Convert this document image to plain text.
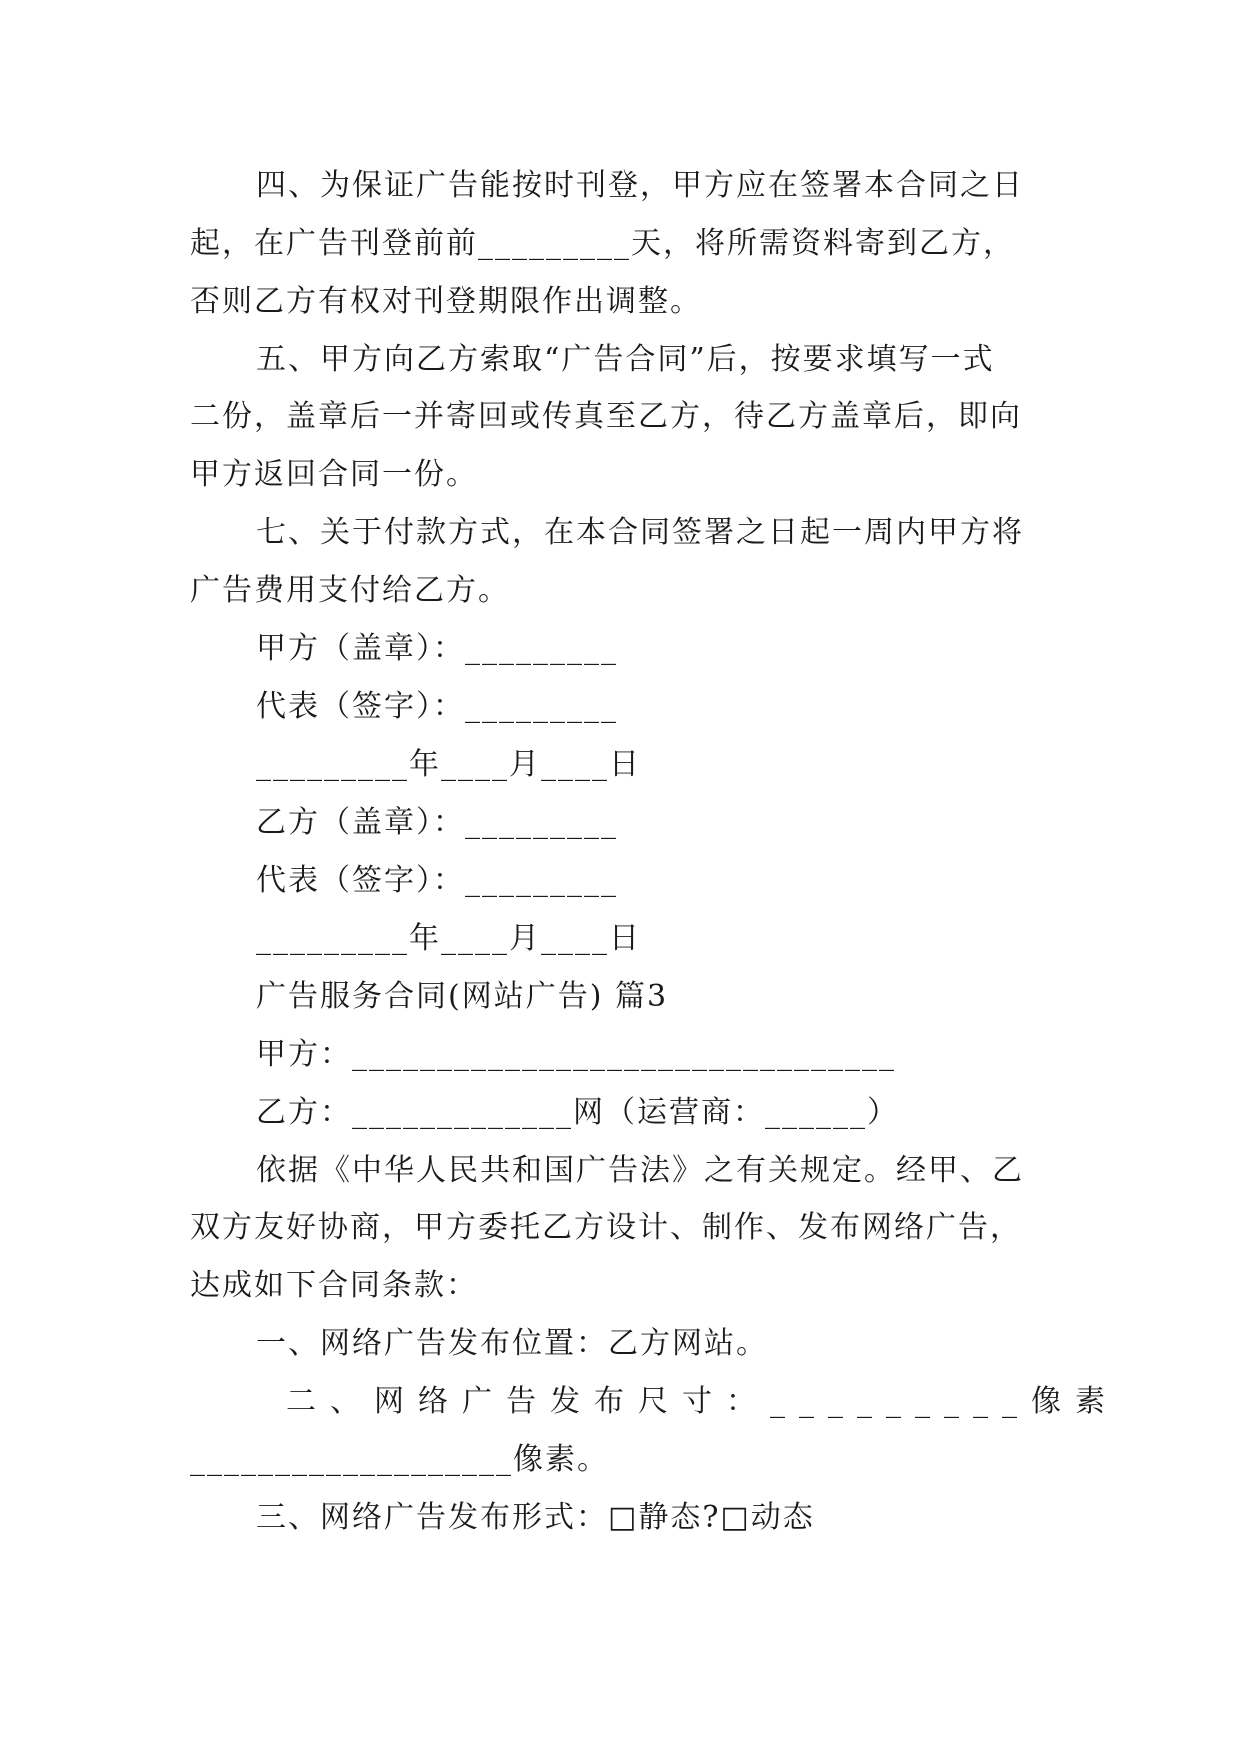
四、为保证广告能按时刊登，甲方应在签署本合同之日
起，在广告刊登前前_________天，将所需资料寄到乙方，
否则乙方有权对刊登期限作出调整。
五、甲方向乙方索取“广告合同”后，按要求填写一式
二份，盖章后一并寄回或传真至乙方，待乙方盖章后，即向
甲方返回合同一份。
七、关于付款方式，在本合同签署之日起一周内甲方将
广告费用支付给乙方。
甲方（盖章）：_________
代表（签字）：_________
_________年____月____日
乙方（盖章）：_________
代表（签字）：_________
_________年____月____日
广告服务合同(网站广告) 篇3
甲方：________________________________
乙方：_____________网（运营商：______）
依据《中华人民共和国广告法》之有关规定。经甲、乙
双方友好协商，甲方委托乙方设计、制作、发布网络广告，
达成如下合同条款：
一、网络广告发布位置：乙方网站。
二、网络广告发布尺寸：_________像素
___________________像素。
三、网络广告发布形式：□静态?□动态
